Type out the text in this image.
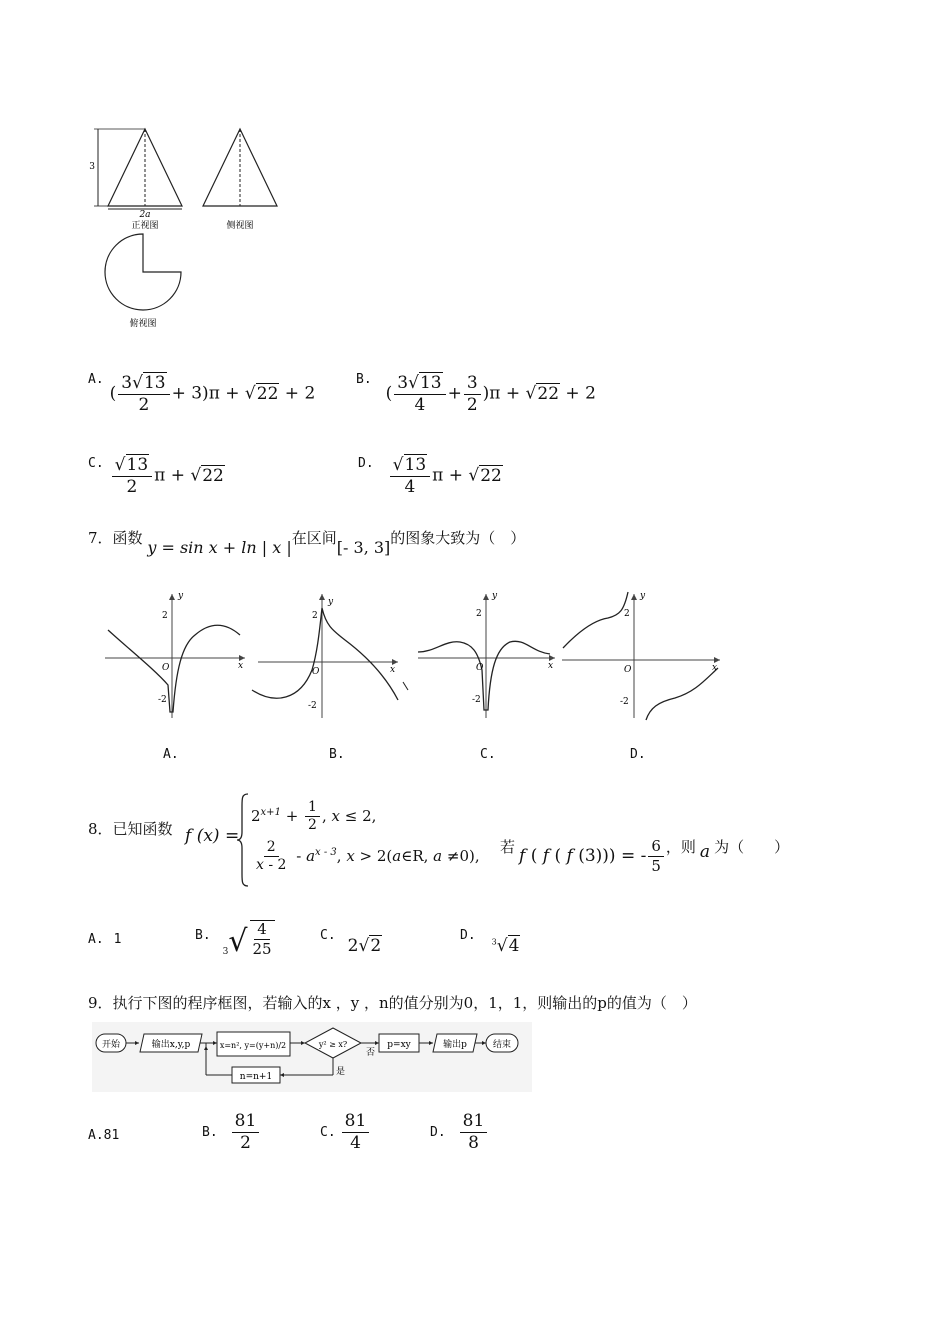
3
2a
正视图	侧视图
俯视图
A.
( $\frac{3√13}{2} + 3)\pi + √22 + 2$
B.
( $\frac{3√13}{4} + \frac{3}{2} )\pi + √22 + 2$
C. $\frac{√13}{2}$ π + √22
D. $\frac{√13}{4}$ π + √22
7．函数 y = sin x + ln | x |在区间[- 3, 3]的图象大致为（　）
y
x
O
2
-2
y
x
O
2
-2
y
x
O
2
-2
y
x
O
2
-2
A.	B.	C.	D.
8．已知函数 f (x) =
$2^{x+1} + \frac{1}{2}$ , x ≤ 2,
$\frac{2}{x - 2} - a^{x - 3}$, x > 2(a∈R, a ≠0),
若 f ( f ( f (3))) = - $\frac{6}{5}$ ，则 a 为（　　）
A. 1	B.
3 √ $\frac{4}{25}$	C.
2√2
D. $^3$√4
9．执行下图的程序框图，若输入的x ，y ，n的值分别为0，1，1，则输出的p的值为（　）
开始	输出x,y,p	x=n², y=(y+n)/2	y² ≥ x?
否
p=xy	输出p	结束
是
n=n+1
A.81	B. $\frac{81}{2}$	C. $\frac{81}{4}$	D. $\frac{81}{8}$
